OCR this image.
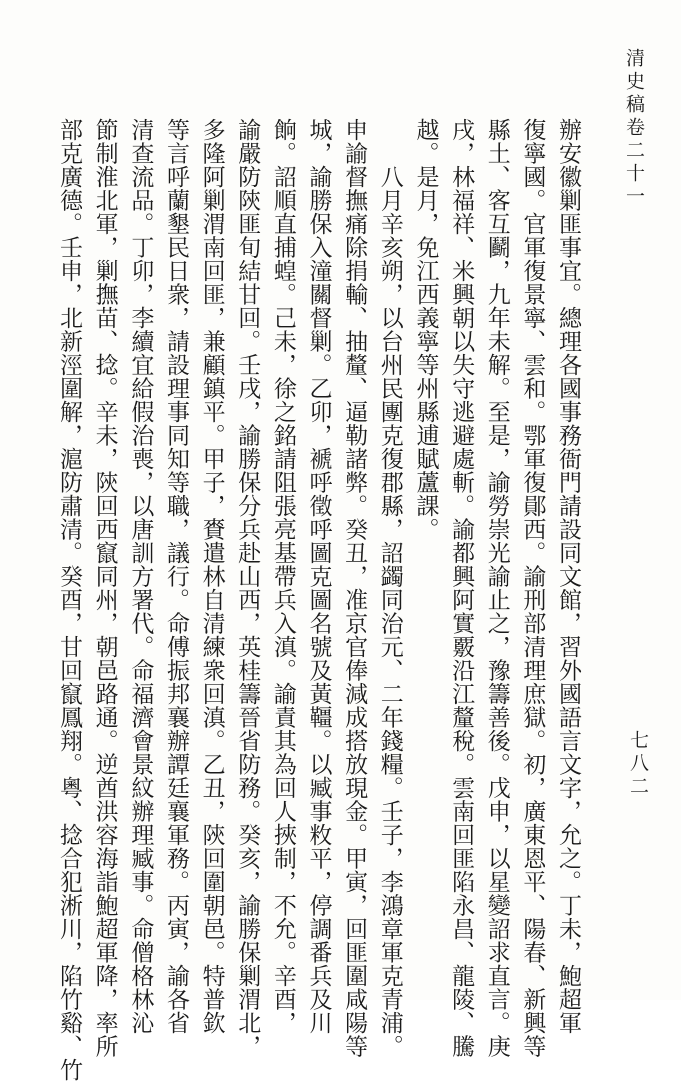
清史稿卷二十一
七八二

辦安徽剿匪事宜。總理各國事務衙門請設同文館，習外國語言文字，允之。丁未，鮑超軍

復寧國。官軍復景寧、雲和。鄂軍復鄖西。諭刑部清理庶獄。初，廣東恩平、陽春、新興等

縣土、客互鬬，九年未解。至是，諭勞崇光諭止之，豫籌善後。戊申，以星變詔求直言。庚

戌，林福祥、米興朝以失守逃避處斬。諭都興阿實覈沿江釐稅。雲南回匪陷永昌、龍陵、騰

越。是月，免江西義寧等州縣逋賦蘆課。

　　八月辛亥朔，以台州民團克復郡縣，詔蠲同治元、二年錢糧。壬子，李鴻章軍克青浦。

申諭督撫痛除捐輸、抽釐、逼勒諸弊。癸丑，准京官俸減成搭放現金。甲寅，回匪圍咸陽等

城，諭勝保入潼關督剿。乙卯，褫呼徵呼圖克圖名號及黃韁。以臧事敉平，停調番兵及川

餉。詔順直捕蝗。己未，徐之銘請阻張亮基帶兵入滇。諭責其為回人挾制，不允。辛酉，

諭嚴防陝匪旬結甘回。壬戌，諭勝保分兵赴山西，英桂籌晉省防務。癸亥，諭勝保剿渭北，

多隆阿剿渭南回匪，兼顧鎮平。甲子，賚遣林自清練衆回滇。乙丑，陝回圍朝邑。特普欽

等言呼蘭墾民日衆，請設理事同知等職，議行。命傅振邦襄辦譚廷襄軍務。丙寅，諭各省

清查流品。丁卯，李續宜給假治喪，以唐訓方署代。命福濟會景紋辦理臧事。命僧格林沁

節制淮北軍，剿撫苗、捻。辛未，陝回西竄同州，朝邑路通。逆酋洪容海詣鮑超軍降，率所

部克廣德。壬申，北新涇圍解，滬防肅清。癸酉，甘回竄鳳翔。粵、捻合犯淅川，陷竹谿、竹
